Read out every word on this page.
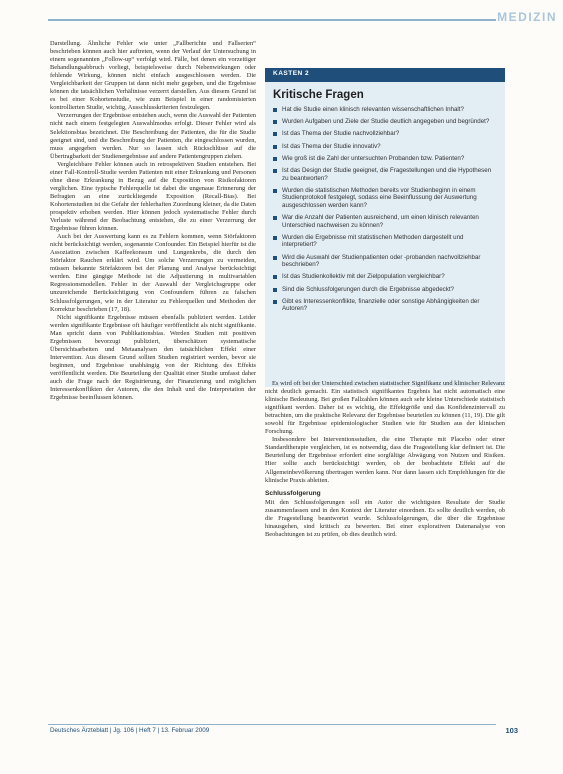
MEDIZIN

Darstellung. Ähnliche Fehler wie unter „Fallberichte und Fallserien“ beschrieben können auch hier auftreten, wenn der Verlauf der Untersuchung in einem sogenannten „Follow-up“ verfolgt wird. Fälle, bei denen ein vorzeitiger Behandlungsabbruch vorliegt, beispielsweise durch Nebenwirkungen oder fehlende Wirkung, können nicht einfach ausgeschlossen werden. Die Vergleichbarkeit der Gruppen ist dann nicht mehr gegeben, und die Ergebnisse können die tatsächlichen Verhältnisse verzerrt darstellen. Aus diesem Grund ist es bei einer Kohortenstudie, wie zum Beispiel in einer randomisierten kontrollierten Studie, wichtig, Ausschlusskriterien festzulegen.

Verzerrungen der Ergebnisse entstehen auch, wenn die Auswahl der Patienten nicht nach einem festgelegten Auswahlmodus erfolgt. Dieser Fehler wird als Selektionsbias bezeichnet. Die Beschreibung der Patienten, die für die Studie geeignet sind, und die Beschreibung der Patienten, die eingeschlossen wurden, muss angegeben werden. Nur so lassen sich Rückschlüsse auf die Übertragbarkeit der Studienergebnisse auf andere Patientengruppen ziehen.

Vergleichbare Fehler können auch in retrospektiven Studien entstehen. Bei einer Fall-Kontroll-Studie werden Patienten mit einer Erkrankung und Personen ohne diese Erkrankung in Bezug auf die Exposition von Risikofaktoren verglichen. Eine typische Fehlerquelle ist dabei die ungenaue Erinnerung der Befragten an eine zurückliegende Exposition (Recall-Bias). Bei Kohortenstudien ist die Gefahr der fehlerhaften Zuordnung kleiner, da die Daten prospektiv erhoben werden. Hier können jedoch systematische Fehler durch Verluste während der Beobachtung entstehen, die zu einer Verzerrung der Ergebnisse führen können.

Auch bei der Auswertung kann es zu Fehlern kommen, wenn Störfaktoren nicht berücksichtigt werden, sogenannte Confounder. Ein Beispiel hierfür ist die Assoziation zwischen Kaffeekonsum und Lungenkrebs, die durch den Störfaktor Rauchen erklärt wird. Um solche Verzerrungen zu vermeiden, müssen bekannte Störfaktoren bei der Planung und Analyse berücksichtigt werden. Eine gängige Methode ist die Adjustierung in multivariablen Regressionsmodellen. Fehler in der Auswahl der Vergleichsgruppe oder unzureichende Berücksichtigung von Confoundern führen zu falschen Schlussfolgerungen, wie in der Literatur zu Fehlerquellen und Methoden der Korrektur beschrieben (17, 18).

Nicht signifikante Ergebnisse müssen ebenfalls publiziert werden. Leider werden signifikante Ergebnisse oft häufiger veröffentlicht als nicht signifikante. Man spricht dann von Publikationsbias. Werden Studien mit positiven Ergebnissen bevorzugt publiziert, überschätzen systematische Übersichtsarbeiten und Metaanalysen den tatsächlichen Effekt einer Intervention. Aus diesem Grund sollten Studien registriert werden, bevor sie beginnen, und Ergebnisse unabhängig von der Richtung des Effekts veröffentlicht werden. Die Beurteilung der Qualität einer Studie umfasst daher auch die Frage nach der Registrierung, der Finanzierung und möglichen Interessenkonflikten der Autoren, die den Inhalt und die Interpretation der Ergebnisse beeinflussen können.

KASTEN 2
Kritische Fragen
Hat die Studie einen klinisch relevanten wissenschaftlichen Inhalt?
Wurden Aufgaben und Ziele der Studie deutlich angegeben und begründet?
Ist das Thema der Studie nachvollziehbar?
Ist das Thema der Studie innovativ?
Wie groß ist die Zahl der untersuchten Probanden bzw. Patienten?
Ist das Design der Studie geeignet, die Fragestellungen und die Hypothesen zu beantworten?
Wurden die statistischen Methoden bereits vor Studienbeginn in einem Studienprotokoll festgelegt, sodass eine Beeinflussung der Auswertung ausgeschlossen werden kann?
War die Anzahl der Patienten ausreichend, um einen klinisch relevanten Unterschied nachweisen zu können?
Wurden die Ergebnisse mit statistischen Methoden dargestellt und interpretiert?
Wird die Auswahl der Studienpatienten oder -probanden nachvollziehbar beschrieben?
Ist das Studienkollektiv mit der Zielpopulation vergleichbar?
Sind die Schlussfolgerungen durch die Ergebnisse abgedeckt?
Gibt es Interessenkonflikte, finanzielle oder sonstige Abhängigkeiten der Autoren?

Es wird oft bei der Unterschied zwischen statistischer Signifikanz und klinischer Relevanz nicht deutlich gemacht. Ein statistisch signifikantes Ergebnis hat nicht automatisch eine klinische Bedeutung. Bei großen Fallzahlen können auch sehr kleine Unterschiede statistisch signifikant werden. Daher ist es wichtig, die Effektgröße und das Konfidenzintervall zu betrachten, um die praktische Relevanz der Ergebnisse beurteilen zu können (11, 19). Die gilt sowohl für Ergebnisse epidemiologischer Studien wie für Studien aus der klinischen Forschung.

Insbesondere bei Interventionsstudien, die eine Therapie mit Placebo oder einer Standardtherapie vergleichen, ist es notwendig, dass die Fragestellung klar definiert ist. Die Beurteilung der Ergebnisse erfordert eine sorgfältige Abwägung von Nutzen und Risiken. Hier sollte auch berücksichtigt werden, ob der beobachtete Effekt auf die Allgemeinbevölkerung übertragen werden kann. Nur dann lassen sich Empfehlungen für die klinische Praxis ableiten.

Schlussfolgerung

Mit den Schlussfolgerungen soll ein Autor die wichtigsten Resultate der Studie zusammenfassen und in den Kontext der Literatur einordnen. Es sollte deutlich werden, ob die Fragestellung beantwortet wurde. Schlussfolgerungen, die über die Ergebnisse hinausgehen, sind kritisch zu bewerten. Bei einer explorativen Datenanalyse von Beobachtungen ist zu prüfen, ob dies deutlich wird.

Deutsches Ärzteblatt | Jg. 106 | Heft 7 | 13. Februar 2009	103
